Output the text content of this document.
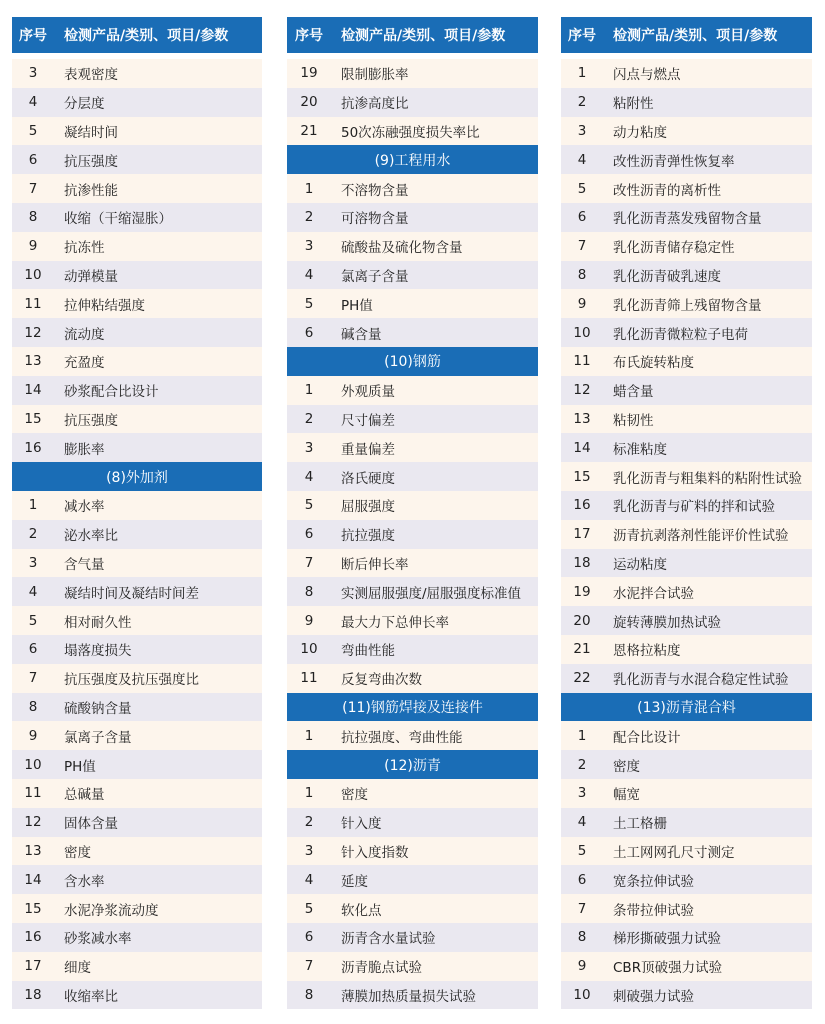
序号	检测产品/类别、项目/参数
3	表观密度
4	分层度
5	凝结时间
6	抗压强度
7	抗渗性能
8	收缩（干缩湿胀）
9	抗冻性
10	动弹模量
11	拉伸粘结强度
12	流动度
13	充盈度
14	砂浆配合比设计
15	抗压强度
16	膨胀率
(8)外加剂
1	减水率
2	泌水率比
3	含气量
4	凝结时间及凝结时间差
5	相对耐久性
6	塌落度损失
7	抗压强度及抗压强度比
8	硫酸钠含量
9	氯离子含量
10	PH值
11	总碱量
12	固体含量
13	密度
14	含水率
15	水泥净浆流动度
16	砂浆减水率
17	细度
18	收缩率比
序号	检测产品/类别、项目/参数
19	限制膨胀率
20	抗渗高度比
21	50次冻融强度损失率比
(9)工程用水
1	不溶物含量
2	可溶物含量
3	硫酸盐及硫化物含量
4	氯离子含量
5	PH值
6	碱含量
(10)钢筋
1	外观质量
2	尺寸偏差
3	重量偏差
4	洛氏硬度
5	屈服强度
6	抗拉强度
7	断后伸长率
8	实测屈服强度/屈服强度标准值
9	最大力下总伸长率
10	弯曲性能
11	反复弯曲次数
(11)钢筋焊接及连接件
1	抗拉强度、弯曲性能
(12)沥青
1	密度
2	针入度
3	针入度指数
4	延度
5	软化点
6	沥青含水量试验
7	沥青脆点试验
8	薄膜加热质量损失试验
序号	检测产品/类别、项目/参数
1	闪点与燃点
2	粘附性
3	动力粘度
4	改性沥青弹性恢复率
5	改性沥青的离析性
6	乳化沥青蒸发残留物含量
7	乳化沥青储存稳定性
8	乳化沥青破乳速度
9	乳化沥青筛上残留物含量
10	乳化沥青微粒粒子电荷
11	布氏旋转粘度
12	蜡含量
13	粘韧性
14	标准粘度
15	乳化沥青与粗集料的粘附性试验
16	乳化沥青与矿料的拌和试验
17	沥青抗剥落剂性能评价性试验
18	运动粘度
19	水泥拌合试验
20	旋转薄膜加热试验
21	恩格拉粘度
22	乳化沥青与水混合稳定性试验
(13)沥青混合料
1	配合比设计
2	密度
3	幅宽
4	土工格栅
5	土工网网孔尺寸测定
6	宽条拉伸试验
7	条带拉伸试验
8	梯形撕破强力试验
9	CBR顶破强力试验
10	刺破强力试验
